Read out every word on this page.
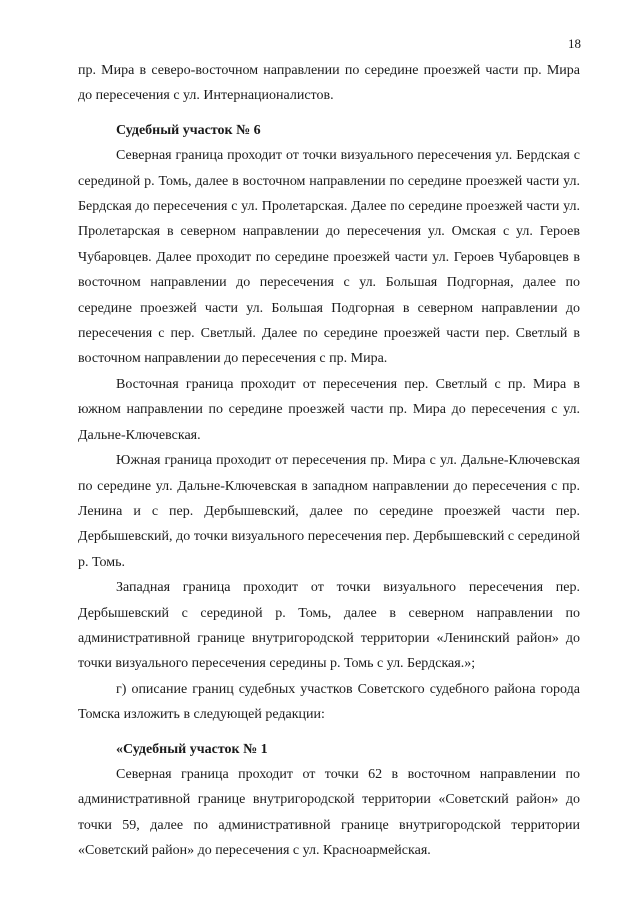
18

пр. Мира в северо-восточном направлении по середине проезжей части пр. Мира до пересечения с ул. Интернационалистов.

Судебный участок № 6

Северная граница проходит от точки визуального пересечения ул. Бердская с серединой р. Томь, далее в восточном направлении по середине проезжей части ул. Бердская до пересечения с ул. Пролетарская. Далее по середине проезжей части ул. Пролетарская в северном направлении до пересечения ул. Омская с ул. Героев Чубаровцев. Далее проходит по середине проезжей части ул. Героев Чубаровцев в восточном направлении до пересечения с ул. Большая Подгорная, далее по середине проезжей части ул. Большая Подгорная в северном направлении до пересечения с пер. Светлый. Далее по середине проезжей части пер. Светлый в восточном направлении до пересечения с пр. Мира.

Восточная граница проходит от пересечения пер. Светлый с пр. Мира в южном направлении по середине проезжей части пр. Мира до пересечения с ул. Дальне-Ключевская.

Южная граница проходит от пересечения пр. Мира с ул. Дальне-Ключевская по середине ул. Дальне-Ключевская в западном направлении до пересечения с пр. Ленина и с пер. Дербышевский, далее по середине проезжей части пер. Дербышевский, до точки визуального пересечения пер. Дербышевский с серединой р. Томь.

Западная граница проходит от точки визуального пересечения пер. Дербышевский с серединой р. Томь, далее в северном направлении по административной границе внутригородской территории «Ленинский район» до точки визуального пересечения середины р. Томь с ул. Бердская.»;

г) описание границ судебных участков Советского судебного района города Томска изложить в следующей редакции:

«Судебный участок № 1

Северная граница проходит от точки 62 в восточном направлении по административной границе внутригородской территории «Советский район» до точки 59, далее по административной границе внутригородской территории «Советский район» до пересечения с ул. Красноармейская.
